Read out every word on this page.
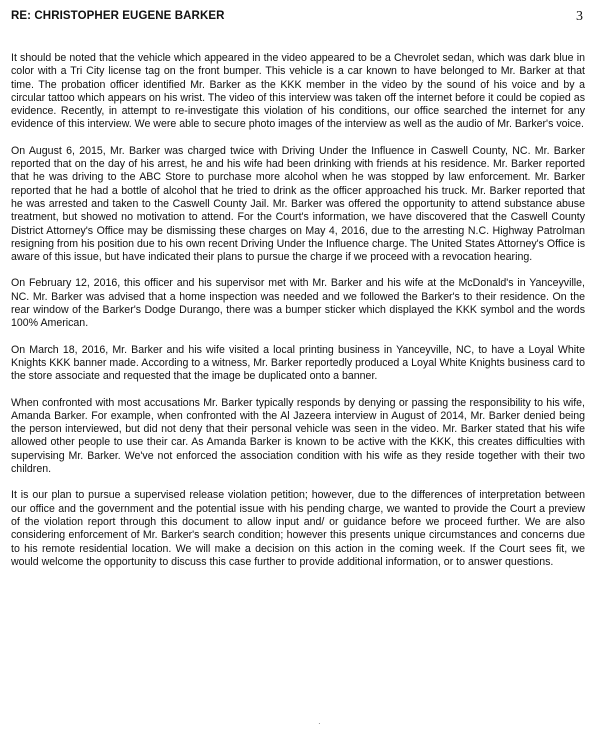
RE: CHRISTOPHER EUGENE BARKER	3

It should be noted that the vehicle which appeared in the video appeared to be a Chevrolet sedan, which was dark blue in color with a Tri City license tag on the front bumper. This vehicle is a car known to have belonged to Mr. Barker at that time. The probation officer identified Mr. Barker as the KKK member in the video by the sound of his voice and by a circular tattoo which appears on his wrist. The video of this interview was taken off the internet before it could be copied as evidence. Recently, in attempt to re-investigate this violation of his conditions, our office searched the internet for any evidence of this interview. We were able to secure photo images of the interview as well as the audio of Mr. Barker's voice.

On August 6, 2015, Mr. Barker was charged twice with Driving Under the Influence in Caswell County, NC. Mr. Barker reported that on the day of his arrest, he and his wife had been drinking with friends at his residence. Mr. Barker reported that he was driving to the ABC Store to purchase more alcohol when he was stopped by law enforcement. Mr. Barker reported that he had a bottle of alcohol that he tried to drink as the officer approached his truck. Mr. Barker reported that he was arrested and taken to the Caswell County Jail. Mr. Barker was offered the opportunity to attend substance abuse treatment, but showed no motivation to attend. For the Court's information, we have discovered that the Caswell County District Attorney's Office may be dismissing these charges on May 4, 2016, due to the arresting N.C. Highway Patrolman resigning from his position due to his own recent Driving Under the Influence charge. The United States Attorney's Office is aware of this issue, but have indicated their plans to pursue the charge if we proceed with a revocation hearing.

On February 12, 2016, this officer and his supervisor met with Mr. Barker and his wife at the McDonald's in Yanceyville, NC. Mr. Barker was advised that a home inspection was needed and we followed the Barker's to their residence. On the rear window of the Barker's Dodge Durango, there was a bumper sticker which displayed the KKK symbol and the words 100% American.

On March 18, 2016, Mr. Barker and his wife visited a local printing business in Yanceyville, NC, to have a Loyal White Knights KKK banner made. According to a witness, Mr. Barker reportedly produced a Loyal White Knights business card to the store associate and requested that the image be duplicated onto a banner.

When confronted with most accusations Mr. Barker typically responds by denying or passing the responsibility to his wife, Amanda Barker. For example, when confronted with the Al Jazeera interview in August of 2014, Mr. Barker denied being the person interviewed, but did not deny that their personal vehicle was seen in the video. Mr. Barker stated that his wife allowed other people to use their car. As Amanda Barker is known to be active with the KKK, this creates difficulties with supervising Mr. Barker. We've not enforced the association condition with his wife as they reside together with their two children.

It is our plan to pursue a supervised release violation petition; however, due to the differences of interpretation between our office and the government and the potential issue with his pending charge, we wanted to provide the Court a preview of the violation report through this document to allow input and/ or guidance before we proceed further. We are also considering enforcement of Mr. Barker's search condition; however this presents unique circumstances and concerns due to his remote residential location. We will make a decision on this action in the coming week. If the Court sees fit, we would welcome the opportunity to discuss this case further to provide additional information, or to answer questions.

·
